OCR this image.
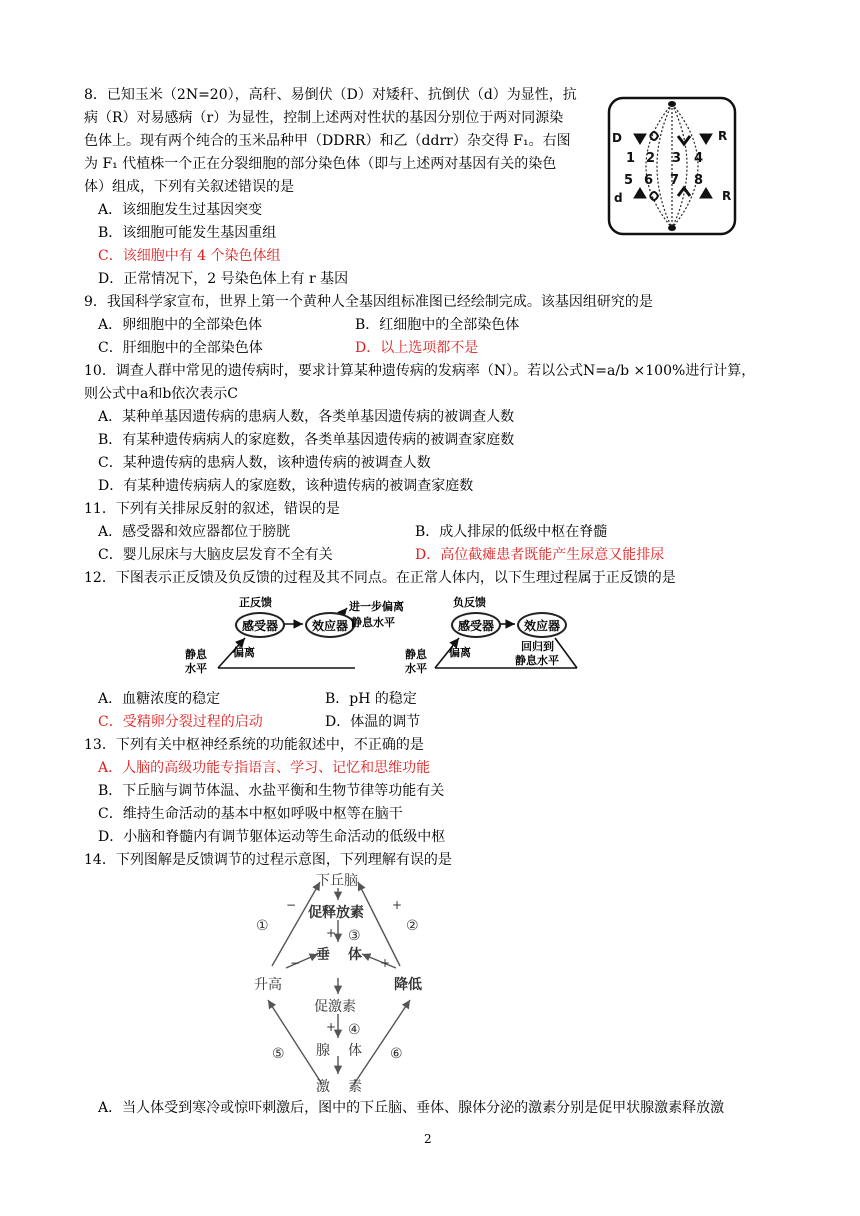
8．已知玉米（2N=20），高秆、易倒伏（D）对矮秆、抗倒伏（d）为显性，抗
病（R）对易感病（r）为显性，控制上述两对性状的基因分别位于两对同源染
色体上。现有两个纯合的玉米品种甲（DDRR）和乙（ddrr）杂交得 F₁。右图
为 F₁ 代植株一个正在分裂细胞的部分染色体（即与上述两对基因有关的染色
体）组成，下列有关叙述错误的是
A．该细胞发生过基因突变
B．该细胞可能发生基因重组
C．该细胞中有 4 个染色体组
D．正常情况下，2 号染色体上有 r 基因
D	R
d	R
1 2 3 4
5 6 7 8
9．我国科学家宣布，世界上第一个黄种人全基因组标准图已经绘制完成。该基因组研究的是
A．卵细胞中的全部染色体	B．红细胞中的全部染色体
C．肝细胞中的全部染色体	D．以上选项都不是
10．调查人群中常见的遗传病时，要求计算某种遗传病的发病率（N）。若以公式N=a/b ×100%进行计算，
则公式中a和b依次表示C
A．某种单基因遗传病的患病人数，各类单基因遗传病的被调查人数
B．有某种遗传病病人的家庭数，各类单基因遗传病的被调查家庭数
C．某种遗传病的患病人数，该种遗传病的被调查人数
D．有某种遗传病病人的家庭数，该种遗传病的被调查家庭数
11．下列有关排尿反射的叙述，错误的是
A．感受器和效应器都位于膀胱	B．成人排尿的低级中枢在脊髓
C．婴儿尿床与大脑皮层发育不全有关	D．高位截瘫患者既能产生尿意又能排尿
12．下图表示正反馈及负反馈的过程及其不同点。在正常人体内，以下生理过程属于正反馈的是
正反馈
感受器	效应器
进一步偏离
静息水平
静息
水平
偏离
负反馈
感受器	效应器
回归到
静息水平
静息
水平
偏离
A．血糖浓度的稳定	B．pH 的稳定
C．受精卵分裂过程的启动	D．体温的调节
13．下列有关中枢神经系统的功能叙述中，不正确的是
A．人脑的高级功能专指语言、学习、记忆和思维功能
B．下丘脑与调节体温、水盐平衡和生物节律等功能有关
C．维持生命活动的基本中枢如呼吸中枢等在脑干
D．小脑和脊髓内有调节躯体运动等生命活动的低级中枢
14．下列图解是反馈调节的过程示意图，下列理解有误的是
下丘脑
促释放素
垂 体
升高	降低
促激素
腺 体
激 素
①	②
③
④
⑤	⑥
−	+
+
−	+
+
A．当人体受到寒冷或惊吓刺激后，图中的下丘脑、垂体、腺体分泌的激素分别是促甲状腺激素释放激
2
